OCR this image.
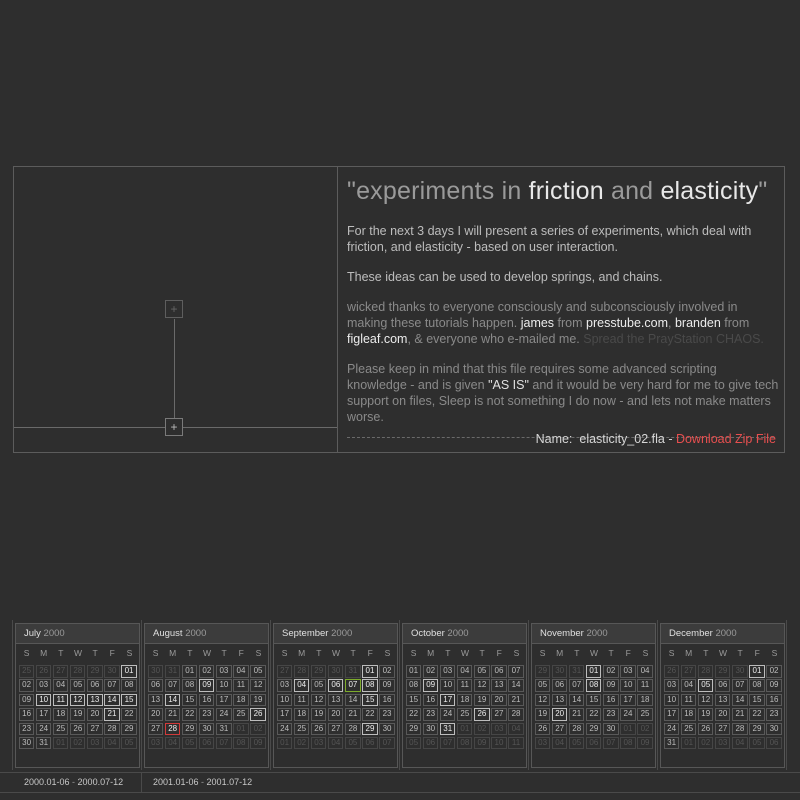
+
+
"experiments in friction and elasticity"
For the next 3 days I will present a series of experiments, which deal with friction, and elasticity - based on user interaction.
These ideas can be used to develop springs, and chains.
wicked thanks to everyone consciously and subconsciously involved in making these tutorials happen. james from presstube.com, branden from figleaf.com, & everyone who e-mailed me. Spread the PrayStation CHAOS.
Please keep in mind that this file requires some advanced scripting knowledge - and is given "AS IS" and it would be very hard for me to give tech support on files, Sleep is not something I do now - and lets not make matters worse.
Name: elasticity_02.fla - Download Zip File
2000.01-06 - 2000.07-12	2001.01-06 - 2001.07-12
July 2000
S	M	T	W	T	F	S
25	26	27	28	29	30	01
02	03	04	05	06	07	08
09	10	11	12	13	14	15
16	17	18	19	20	21	22
23	24	25	26	27	28	29
30	31	01	02	03	04	05
August 2000
S	M	T	W	T	F	S
30	31	01	02	03	04	05
06	07	08	09	10	11	12
13	14	15	16	17	18	19
20	21	22	23	24	25	26
27	28	29	30	31	01	02
03	04	05	06	07	08	09
September 2000
S	M	T	W	T	F	S
27	28	29	30	31	01	02
03	04	05	06	07	08	09
10	11	12	13	14	15	16
17	18	19	20	21	22	23
24	25	26	27	28	29	30
01	02	03	04	05	06	07
October 2000
S	M	T	W	T	F	S
01	02	03	04	05	06	07
08	09	10	11	12	13	14
15	16	17	18	19	20	21
22	23	24	25	26	27	28
29	30	31	01	02	03	04
05	06	07	08	09	10	11
November 2000
S	M	T	W	T	F	S
29	30	31	01	02	03	04
05	06	07	08	09	10	11
12	13	14	15	16	17	18
19	20	21	22	23	24	25
26	27	28	29	30	01	02
03	04	05	06	07	08	09
December 2000
S	M	T	W	T	F	S
26	27	28	29	30	01	02
03	04	05	06	07	08	09
10	11	12	13	14	15	16
17	18	19	20	21	22	23
24	25	26	27	28	29	30
31	01	02	03	04	05	06
